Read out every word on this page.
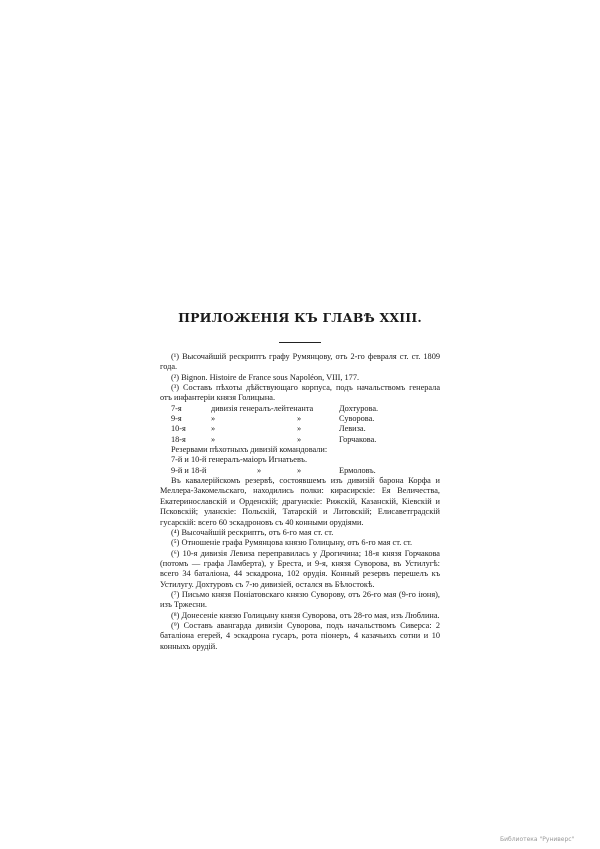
ПРИЛОЖЕНІЯ КЪ ГЛАВѢ XXIII.

(¹) Высочайшій рескриптъ графу Румянцову, отъ 2-го февраля ст. ст. 1809 года.

(²) Bignon. Histoire de France sous Napoléon, VIII, 177.

(³) Составъ пѣхоты дѣйствующаго корпуса, подъ начальствомъ генерала отъ инфантеріи князя Голицына.

7-я	дивизія генералъ-лейтенанта	Дохтурова.
9-я	»	»	Суворова.
10-я	»	»	Левиза.
18-я	»	»	Горчакова.

Резервами пѣхотныхъ дивизій командовали:

7-й и 10-й генералъ-маіоръ Игнатьевъ.

9-й и 18-й	»	»	Ермоловъ.

Въ кавалерійскомъ резервѣ, состоявшемъ изъ дивизій барона Корфа и Меллера-Закомельскаго, находились полки: кирасирскіе: Ея Величества, Екатеринославскій и Орденскій; драгунскіе: Рижскій, Казанскій, Кіевскій и Псковскій; уланскіе: Польскій, Татарскій и Литовскій; Елисаветградскій гусарскій: всего 60 эскадроновъ съ 40 конными орудіями.

(⁴) Высочайшій рескриптъ, отъ 6-го мая ст. ст.

(⁵) Отношеніе графа Румянцова князю Голицыну, отъ 6-го мая ст. ст.

(⁶) 10-я дивизія Левиза переправилась у Дрогичина; 18-я князя Горчакова (потомъ — графа Ламберта), у Бреста, и 9-я, князя Суворова, въ Устилугѣ: всего 34 баталіона, 44 эскадрона, 102 орудія. Конный резервъ перешелъ къ Устилугу. Дохтуровъ съ 7-ю дивизіей, остался въ Бѣлостокѣ.

(⁷) Письмо князя Поніатовскаго князю Суворову, отъ 26-го мая (9-го іюня), изъ Тржесни.

(⁸) Донесеніе князю Голицыну князя Суворова, отъ 28-го мая, изъ Люблина.

(⁹) Составъ авангарда дивизіи Суворова, подъ начальствомъ Сиверса: 2 баталіона егерей, 4 эскадрона гусаръ, рота піонеръ, 4 казачьихъ сотни и 10 конныхъ орудій.

Библиотека "Руниверс"
